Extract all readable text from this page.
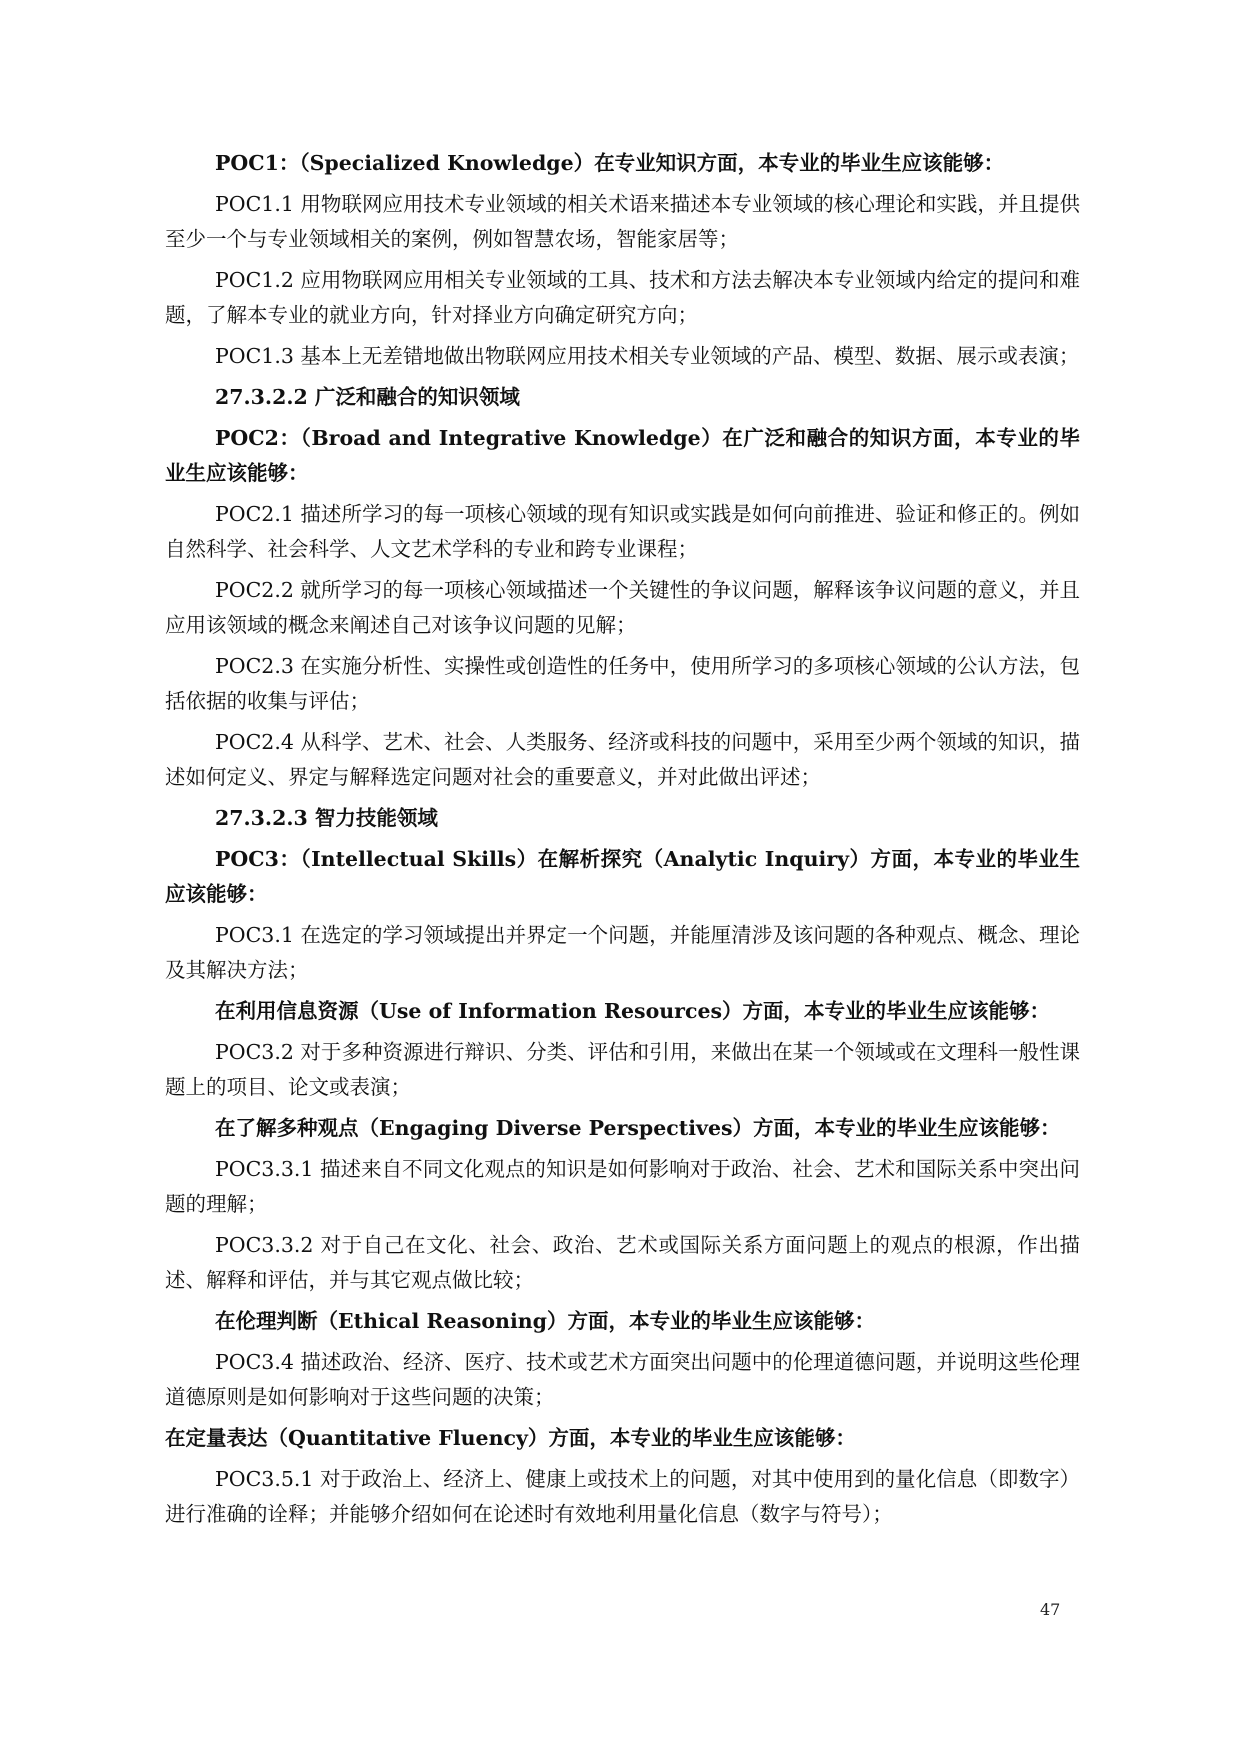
POC1：（Specialized Knowledge）在专业知识方面，本专业的毕业生应该能够：

POC1.1 用物联网应用技术专业领域的相关术语来描述本专业领域的核心理论和实践，并且提供至少一个与专业领域相关的案例，例如智慧农场，智能家居等；

POC1.2 应用物联网应用相关专业领域的工具、技术和方法去解决本专业领域内给定的提问和难题，了解本专业的就业方向，针对择业方向确定研究方向；

POC1.3 基本上无差错地做出物联网应用技术相关专业领域的产品、模型、数据、展示或表演；

27.3.2.2 广泛和融合的知识领域

POC2：（Broad and Integrative Knowledge）在广泛和融合的知识方面，本专业的毕业生应该能够：

POC2.1 描述所学习的每一项核心领域的现有知识或实践是如何向前推进、验证和修正的。例如自然科学、社会科学、人文艺术学科的专业和跨专业课程；

POC2.2 就所学习的每一项核心领域描述一个关键性的争议问题，解释该争议问题的意义，并且应用该领域的概念来阐述自己对该争议问题的见解；

POC2.3 在实施分析性、实操性或创造性的任务中，使用所学习的多项核心领域的公认方法，包括依据的收集与评估；

POC2.4 从科学、艺术、社会、人类服务、经济或科技的问题中，采用至少两个领域的知识，描述如何定义、界定与解释选定问题对社会的重要意义，并对此做出评述；

27.3.2.3 智力技能领域

POC3：（Intellectual Skills）在解析探究（Analytic Inquiry）方面，本专业的毕业生应该能够：

POC3.1 在选定的学习领域提出并界定一个问题，并能厘清涉及该问题的各种观点、概念、理论及其解决方法；

在利用信息资源（Use of Information Resources）方面，本专业的毕业生应该能够：

POC3.2 对于多种资源进行辩识、分类、评估和引用，来做出在某一个领域或在文理科一般性课题上的项目、论文或表演；

在了解多种观点（Engaging Diverse Perspectives）方面，本专业的毕业生应该能够：

POC3.3.1 描述来自不同文化观点的知识是如何影响对于政治、社会、艺术和国际关系中突出问题的理解；

POC3.3.2 对于自己在文化、社会、政治、艺术或国际关系方面问题上的观点的根源，作出描述、解释和评估，并与其它观点做比较；

在伦理判断（Ethical Reasoning）方面，本专业的毕业生应该能够：

POC3.4 描述政治、经济、医疗、技术或艺术方面突出问题中的伦理道德问题，并说明这些伦理道德原则是如何影响对于这些问题的决策；

在定量表达（Quantitative Fluency）方面，本专业的毕业生应该能够：

POC3.5.1 对于政治上、经济上、健康上或技术上的问题，对其中使用到的量化信息（即数字）进行准确的诠释；并能够介绍如何在论述时有效地利用量化信息（数字与符号）；

47
